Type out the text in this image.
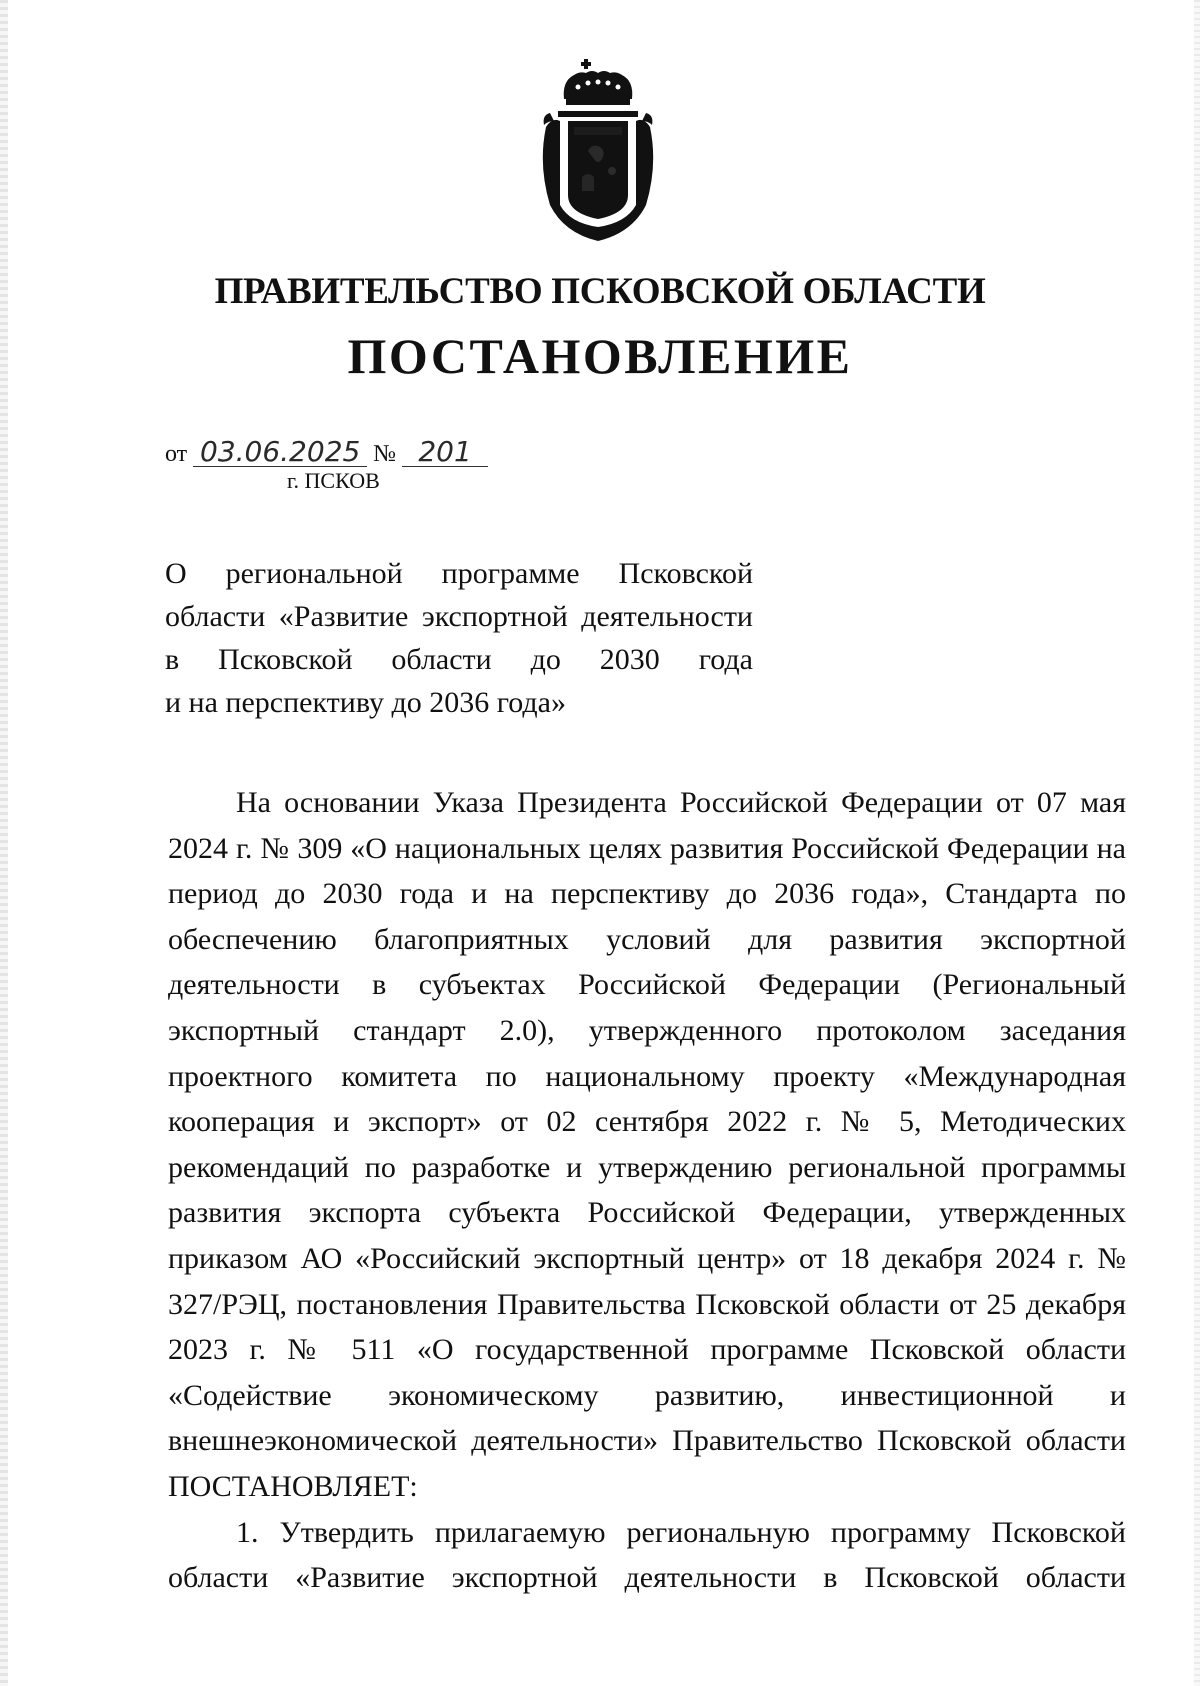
ПРАВИТЕЛЬСТВО ПСКОВСКОЙ ОБЛАСТИ
ПОСТАНОВЛЕНИЕ
от 03.06.2025 № 201
г. ПСКОВ
О региональной программе Псковской
области «Развитие экспортной деятельности
в Псковской области до 2030 года
и на перспективу до 2036 года»

На основании Указа Президента Российской Федерации от 07 мая 2024 г. № 309 «О национальных целях развития Российской Федерации на период до 2030 года и на перспективу до 2036 года», Стандарта по обеспечению благоприятных условий для развития экспортной деятельности в субъектах Российской Федерации (Региональный экспортный стандарт 2.0), утвержденного протоколом заседания проектного комитета по национальному проекту «Международная кооперация и экспорт» от 02 сентября 2022 г. № 5, Методических рекомендаций по разработке и утверждению региональной программы развития экспорта субъекта Российской Федерации, утвержденных приказом АО «Российский экспортный центр» от 18 декабря 2024 г. № 327/РЭЦ, постановления Правительства Псковской области от 25 декабря 2023 г. № 511 «О государственной программе Псковской области «Содействие экономическому развитию, инвестиционной и внешнеэкономической деятельности» Правительство Псковской области ПОСТАНОВЛЯЕТ:

1. Утвердить прилагаемую региональную программу Псковской

области «Развитие экспортной деятельности в Псковской области
